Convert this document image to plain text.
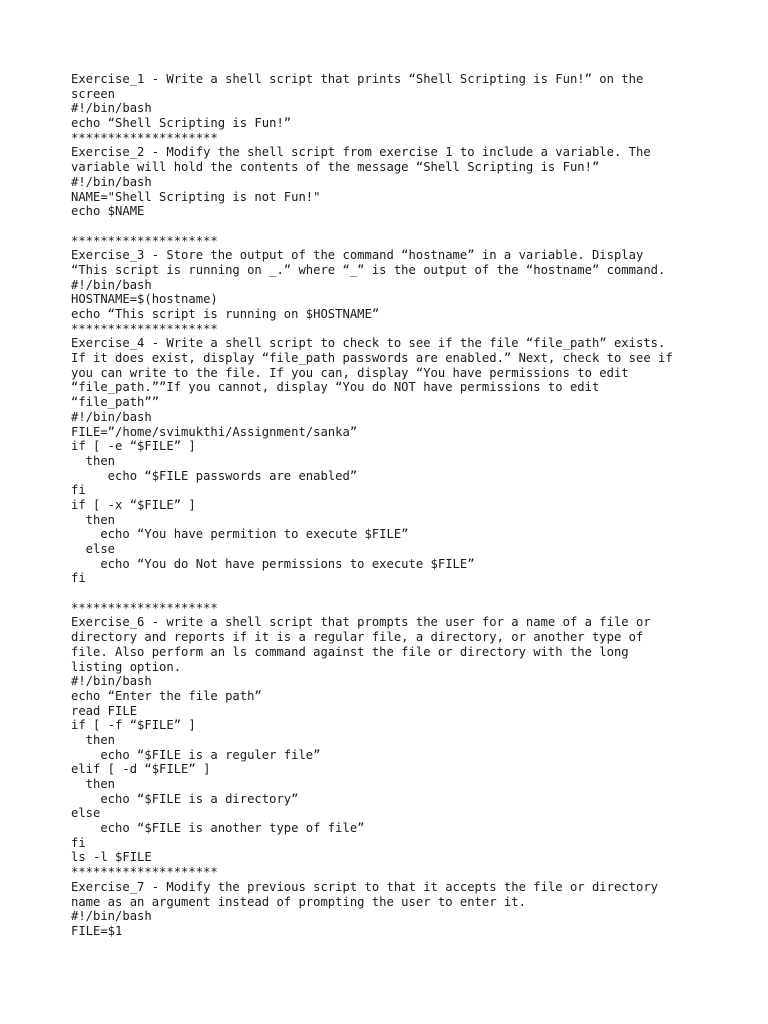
Exercise_1 - Write a shell script that prints “Shell Scripting is Fun!” on the
screen
#!/bin/bash
echo “Shell Scripting is Fun!”
********************
Exercise_2 - Modify the shell script from exercise 1 to include a variable. The
variable will hold the contents of the message “Shell Scripting is Fun!”
#!/bin/bash
NAME="Shell Scripting is not Fun!"
echo $NAME
********************
Exercise_3 - Store the output of the command “hostname” in a variable. Display
“This script is running on _.” where “_” is the output of the “hostname” command.
#!/bin/bash
HOSTNAME=$(hostname)
echo “This script is running on $HOSTNAME”
********************
Exercise_4 - Write a shell script to check to see if the file “file_path” exists.
If it does exist, display “file_path passwords are enabled.” Next, check to see if
you can write to the file. If you can, display “You have permissions to edit
“file_path.””If you cannot, display “You do NOT have permissions to edit
“file_path””
#!/bin/bash
FILE=”/home/svimukthi/Assignment/sanka”
if [ -e “$FILE” ]
then
echo “$FILE passwords are enabled”
fi
if [ -x “$FILE” ]
then
echo “You have permition to execute $FILE”
else
echo “You do Not have permissions to execute $FILE”
fi
********************
Exercise_6 - write a shell script that prompts the user for a name of a file or
directory and reports if it is a regular file, a directory, or another type of
file. Also perform an ls command against the file or directory with the long
listing option.
#!/bin/bash
echo “Enter the file path”
read FILE
if [ -f “$FILE” ]
then
echo “$FILE is a reguler file”
elif [ -d “$FILE” ]
then
echo “$FILE is a directory”
else
echo “$FILE is another type of file”
fi
ls -l $FILE
********************
Exercise_7 - Modify the previous script to that it accepts the file or directory
name as an argument instead of prompting the user to enter it.
#!/bin/bash
FILE=$1
